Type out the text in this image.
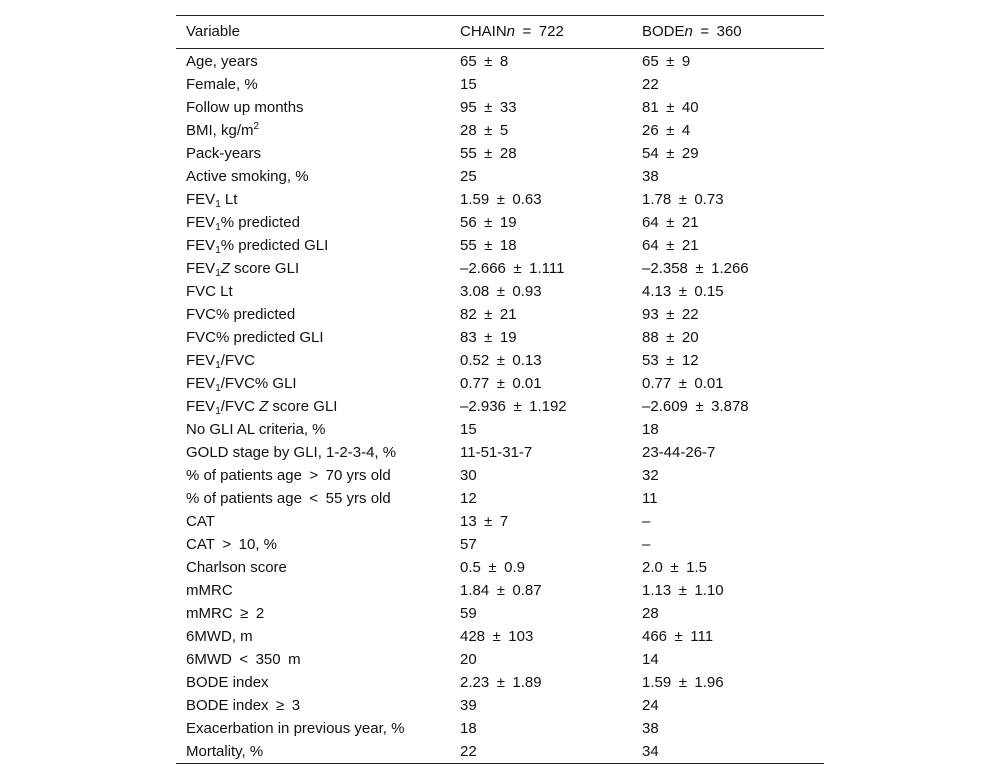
Variable	CHAINn = 722	BODEn = 360
Age, years	65 ± 8	65 ± 9
Female, %	15	22
Follow up months	95 ± 33	81 ± 40
BMI, $kg/m^2$	28 ± 5	26 ± 4
Pack-years	55 ± 28	54 ± 29
Active smoking, %	25	38
$FEV_1$ Lt	1.59 ± 0.63	1.78 ± 0.73
$FEV_1\%$ predicted	56 ± 19	64 ± 21
$FEV_1\%$ predicted GLI	55 ± 18	64 ± 21
$FEV_1Z$ score GLI	–2.666 ± 1.111	–2.358 ± 1.266
FVC Lt	3.08 ± 0.93	4.13 ± 0.15
FVC% predicted	82 ± 21	93 ± 22
FVC% predicted GLI	83 ± 19	88 ± 20
$FEV_1$/FVC	0.52 ± 0.13	53 ± 12
$FEV_1/FVC\%$ GLI	0.77 ± 0.01	0.77 ± 0.01
$FEV_1$/FVC Z score GLI	–2.936 ± 1.192	–2.609 ± 3.878
No GLI AL criteria, %	15	18
GOLD stage by GLI, 1-2-3-4, %	11-51-31-7	23-44-26-7
% of patients age > 70 yrs old	30	32
% of patients age < 55 yrs old	12	11
CAT	13 ± 7	–
CAT > 10, %	57	–
Charlson score	0.5 ± 0.9	2.0 ± 1.5
mMRC	1.84 ± 0.87	1.13 ± 1.10
mMRC ≥ 2	59	28
6MWD, m	428 ± 103	466 ± 111
6MWD < 350 m	20	14
BODE index	2.23 ± 1.89	1.59 ± 1.96
BODE index ≥ 3	39	24
Exacerbation in previous year, %	18	38
Mortality, %	22	34
